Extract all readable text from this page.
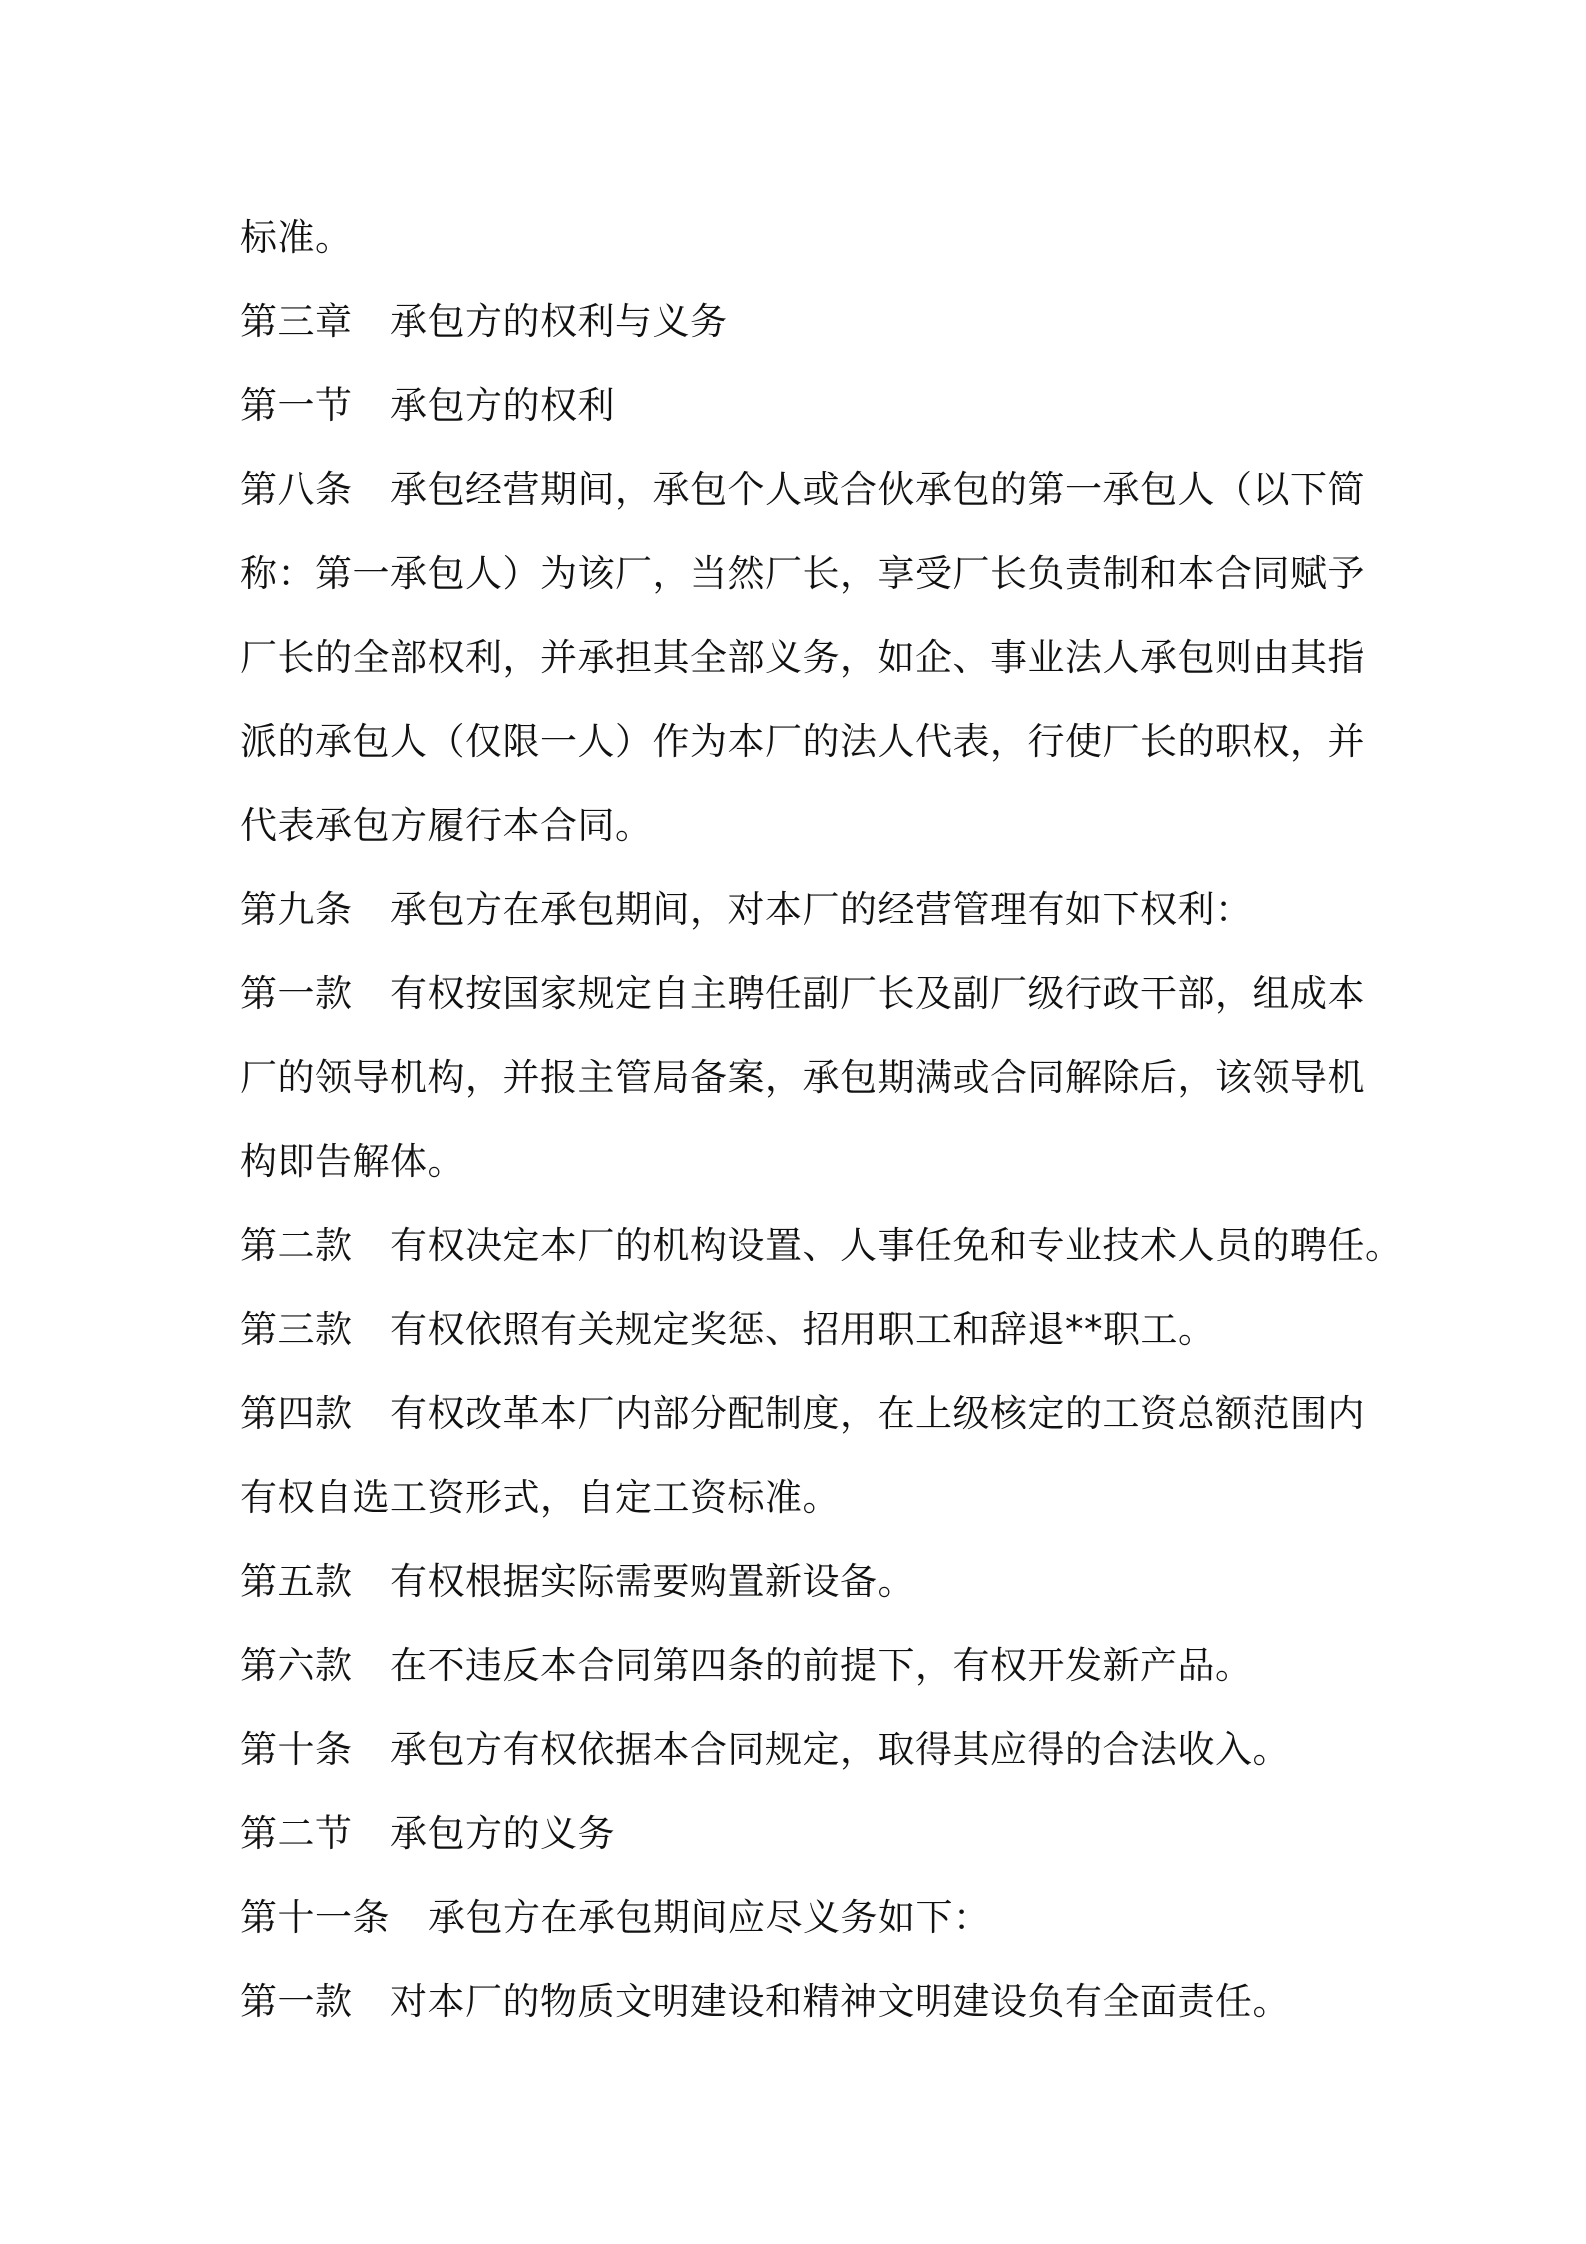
标准。
第三章 承包方的权利与义务
第一节 承包方的权利
第八条 承包经营期间，承包个人或合伙承包的第一承包人（以下简
称：第一承包人）为该厂，当然厂长，享受厂长负责制和本合同赋予
厂长的全部权利，并承担其全部义务，如企、事业法人承包则由其指
派的承包人（仅限一人）作为本厂的法人代表，行使厂长的职权，并
代表承包方履行本合同。
第九条 承包方在承包期间，对本厂的经营管理有如下权利：
第一款 有权按国家规定自主聘任副厂长及副厂级行政干部，组成本
厂的领导机构，并报主管局备案，承包期满或合同解除后，该领导机
构即告解体。
第二款 有权决定本厂的机构设置、人事任免和专业技术人员的聘任。
第三款 有权依照有关规定奖惩、招用职工和辞退**职工。
第四款 有权改革本厂内部分配制度，在上级核定的工资总额范围内
有权自选工资形式，自定工资标准。
第五款 有权根据实际需要购置新设备。
第六款 在不违反本合同第四条的前提下，有权开发新产品。
第十条 承包方有权依据本合同规定，取得其应得的合法收入。
第二节 承包方的义务
第十一条 承包方在承包期间应尽义务如下：
第一款 对本厂的物质文明建设和精神文明建设负有全面责任。
